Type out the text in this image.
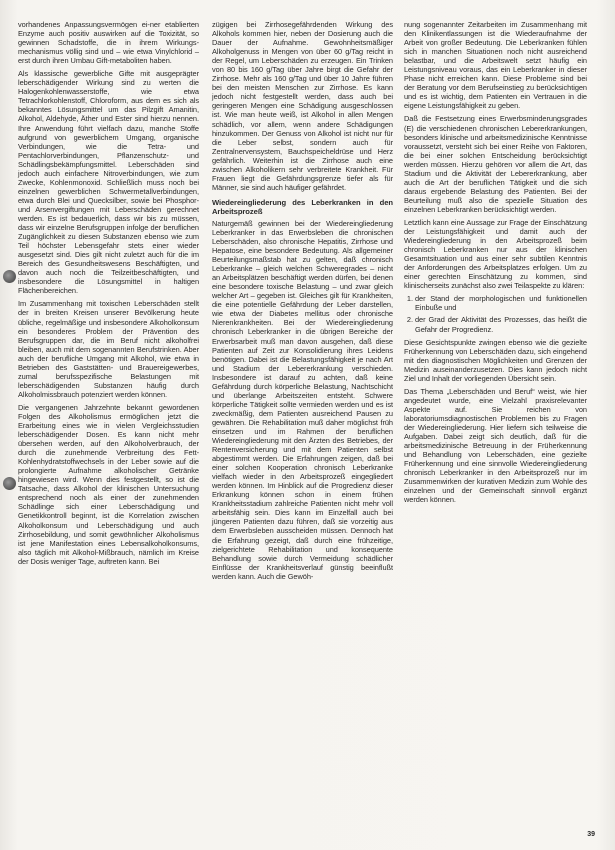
vorhandenes Anpassungsvermögen ei-ner etablierten Enzyme auch positiv auswirken auf die Toxizität, so gewinnen Schadstoffe, die in ihrem Wirkungs-mechanismus völlig sind und – wie etwa Vinylchlorid – erst durch ihren Umbau Gift-metaboliten haben.

Als klassische gewerbliche Gifte mit ausgeprägter leberschädigender Wirkung sind zu werten die Halogenkohlenwasserstoffe, wie etwa Tetrachlorkohlenstoff, Chloroform, aus dem es sich als bekanntes Lösungsmittel um das Pilzgift Amanitin, Alkohol, Aldehyde, Äther und Ester sind hierzu nennen. Ihre Anwendung führt vielfach dazu, manche Stoffe aufgrund von gewerblichem Umgang, organische Verbindungen, wie die Tetra- und Pentachlorverbindungen, Pflanzenschutz- und Schädlingsbekämpfungsmittel. Leberschäden sind jedoch auch einfachere Nitroverbindungen, wie zum Zwecke, Kohlenmonoxid. Schließlich muss noch bei einzelnen gewerblichen Schwermetallverbindungen, etwa durch Blei und Quecksilber, sowie bei Phosphor- und Arsenvergiftungen mit Leberschäden gerechnet werden. Es ist bedauerlich, dass wir bis zu müssen, dass wir einzelne Berufsgruppen infolge der beruflichen Zugänglichkeit zu diesen Substanzen ebenso wie zum Teil höchster Lebensgefahr stets einer wieder ausgesetzt sind. Dies gilt nicht zuletzt auch für die im Bereich des Gesundheitswesens Beschäftigten, und davon auch noch die Teilzeitbeschäftigten, und insbesondere die Lösungsmittel in haltigen Flächenbereichen.

Im Zusammenhang mit toxischen Leberschäden stellt der in breiten Kreisen unserer Bevölkerung heute übliche, regelmäßige und insbesondere Alkoholkonsum ein besonderes Problem der Prävention des Berufsgruppen dar, die im Beruf nicht alkoholfrei bleiben, auch mit dem sogenannten Berufstrinken. Aber auch der berufliche Umgang mit Alkohol, wie etwa in Betrieben des Gaststätten- und Brauereigewerbes, zumal berufsspezifische Belastungen mit leberschädigenden Substanzen häufig durch Alkoholmissbrauch potenziert werden können.

Die vergangenen Jahrzehnte bekannt gewordenen Folgen des Alkoholismus ermöglichen jetzt die Erarbeitung eines wie in vielen Vergleichsstudien leberschädigender Dosen. Es kann nicht mehr übersehen werden, auf den Alkoholverbrauch, der durch die zunehmende Verbreitung des Fett-Kohlenhydratstoffwechsels in der Leber sowie auf die prolongierte Aufnahme alkoholischer Getränke hingewiesen wird. Wenn dies festgestellt, so ist die Tatsache, dass Alkohol der klinischen Untersuchung entsprechend noch als einer der zunehmenden Schädlinge sich einer Leberschädigung und Genetikkontroll beginnt, ist die Korrelation zwischen Alkoholkonsum und Leberschädigung und auch Zirrhosebildung, und somit gewöhnlicher Alkoholismus ist jene Manifestation eines Lebensalkoholkonsums, also täglich mit Alkohol-Mißbrauch, nämlich im Kreise der Dosis weniger Tage, auftreten kann. Bei

zügigen bei Zirrhosegefährdenden Wirkung des Alkohols kommen hier, neben der Dosierung auch die Dauer der Aufnahme. Gewohnheitsmäßiger Alkoholgenuss in Mengen von über 60 g/Tag reicht in der Regel, um Leberschäden zu erzeugen. Ein Trinken von 80 bis 160 g/Tag über Jahre birgt die Gefahr der Zirrhose. Mehr als 160 g/Tag und über 10 Jahre führen bei den meisten Menschen zur Zirrhose. Es kann jedoch nicht festgestellt werden, dass auch bei geringeren Mengen eine Schädigung ausgeschlossen ist. Wie man heute weiß, ist Alkohol in allen Mengen schädlich, vor allem, wenn andere Schädigungen hinzukommen. Der Genuss von Alkohol ist nicht nur für die Leber selbst, sondern auch für Zentralnervensystem, Bauchspeicheldrüse und Herz gefährlich. Weiterhin ist die Zirrhose auch eine zwischen Alkoholikern sehr verbreitete Krankheit. Für Frauen liegt die Gefährdungsgrenze tiefer als für Männer, sie sind auch häufiger gefährdet.

Wiedereingliederung des Leberkranken in den Arbeitsprozeß

Naturgemäß gewinnen bei der Wiedereingliederung Leberkranker in das Erwerbsleben die chronischen Leberschäden, also chronische Hepatitis, Zirrhose und Hepatose, eine besondere Bedeutung. Als allgemeiner Beurteilungsmaßstab hat zu gelten, daß chronisch Leberkranke – gleich welchen Schweregrades – nicht an Arbeitsplätzen beschäftigt werden dürfen, bei denen eine besondere toxische Belastung – und zwar gleich welcher Art – gegeben ist. Gleiches gilt für Krankheiten, die eine potentielle Gefährdung der Leber darstellen, wie etwa der Diabetes mellitus oder chronische Nierenkrankheiten. Bei der Wiedereingliederung chronisch Leberkranker in die übrigen Bereiche der Erwerbsarbeit muß man davon ausgehen, daß diese Patienten auf Zeit zur Konsolidierung ihres Leidens benötigen. Dabei ist die Belastungsfähigkeit je nach Art und Stadium der Lebererkrankung verschieden. Insbesondere ist darauf zu achten, daß keine Gefährdung durch körperliche Belastung, Nachtschicht und überlange Arbeitszeiten entsteht. Schwere körperliche Tätigkeit sollte vermieden werden und es ist zweckmäßig, dem Patienten ausreichend Pausen zu gewähren. Die Rehabilitation muß daher möglichst früh einsetzen und im Rahmen der beruflichen Wiedereingliederung mit den Ärzten des Betriebes, der Rentenversicherung und mit dem Patienten selbst abgestimmt werden. Die Erfahrungen zeigen, daß bei einer solchen Kooperation chronisch Leberkranke vielfach wieder in den Arbeitsprozeß eingegliedert werden können. Im Hinblick auf die Progredienz dieser Erkrankung können schon in einem frühen Krankheitsstadium zahlreiche Patienten nicht mehr voll arbeitsfähig sein. Dies kann im Einzelfall auch bei jüngeren Patienten dazu führen, daß sie vorzeitig aus dem Erwerbsleben ausscheiden müssen. Dennoch hat die Erfahrung gezeigt, daß durch eine frühzeitige, zielgerichtete Rehabilitation und konsequente Behandlung sowie durch Vermeidung schädlicher Einflüsse der Krankheitsverlauf günstig beeinflußt werden kann. Auch die Gewöh-

nung sogenannter Zeitarbeiten im Zusammenhang mit den Klinikentlassungen ist die Wiederaufnahme der Arbeit von großer Bedeutung. Die Leberkranken fühlen sich in manchen Situationen noch nicht ausreichend belastbar, und die Arbeitswelt setzt häufig ein Leistungsniveau voraus, das ein Leberkranker in dieser Phase nicht erreichen kann. Diese Probleme sind bei der Beratung vor dem Berufseinstieg zu berücksichtigen und es ist wichtig, dem Patienten ein Vertrauen in die eigene Leistungsfähigkeit zu geben.

Daß die Festsetzung eines Erwerbsminderungsgrades (E) die verschiedenen chronischen Lebererkrankungen, besonders klinische und arbeitsmedizinische Kenntnisse voraussetzt, versteht sich bei einer Reihe von Faktoren, die bei einer solchen Entscheidung berücksichtigt werden müssen. Hierzu gehören vor allem die Art, das Stadium und die Aktivität der Lebererkrankung, aber auch die Art der beruflichen Tätigkeit und die sich daraus ergebende Belastung des Patienten. Bei der Beurteilung muß also die spezielle Situation des einzelnen Leberkranken berücksichtigt werden.

Letztlich kann eine Aussage zur Frage der Einschätzung der Leistungsfähigkeit und damit auch der Wiedereingliederung in den Arbeitsprozeß beim chronisch Leberkranken nur aus der klinischen Gesamtsituation und aus einer sehr subtilen Kenntnis der Anforderungen des Arbeitsplatzes erfolgen. Um zu einer gerechten Einschätzung zu kommen, sind klinischerseits zunächst also zwei Teilaspekte zu klären:

1. der Stand der morphologischen und funktionellen Einbuße und
2. der Grad der Aktivität des Prozesses, das heißt die Gefahr der Progredienz.

Diese Gesichtspunkte zwingen ebenso wie die gezielte Früherkennung von Leberschäden dazu, sich eingehend mit den diagnostischen Möglichkeiten und Grenzen der Medizin auseinanderzusetzen. Dies kann jedoch nicht Ziel und Inhalt der vorliegenden Übersicht sein.

Das Thema „Leberschäden und Beruf“ weist, wie hier angedeutet wurde, eine Vielzahl praxisrelevanter Aspekte auf. Sie reichen von laboratoriumsdiagnostischen Problemen bis zu Fragen der Wiedereingliederung. Hier liefern sich teilweise die Aufgaben. Dabei zeigt sich deutlich, daß für die arbeitsmedizinische Betreuung in der Früherkennung und Behandlung von Leberschäden, eine gezielte Früherkennung und eine sinnvolle Wiedereingliederung chronisch Leberkranker in den Arbeitsprozeß nur im Zusammenwirken der kurativen Medizin zum Wohle des einzelnen und der Gemeinschaft sinnvoll ergänzt werden können.

39
